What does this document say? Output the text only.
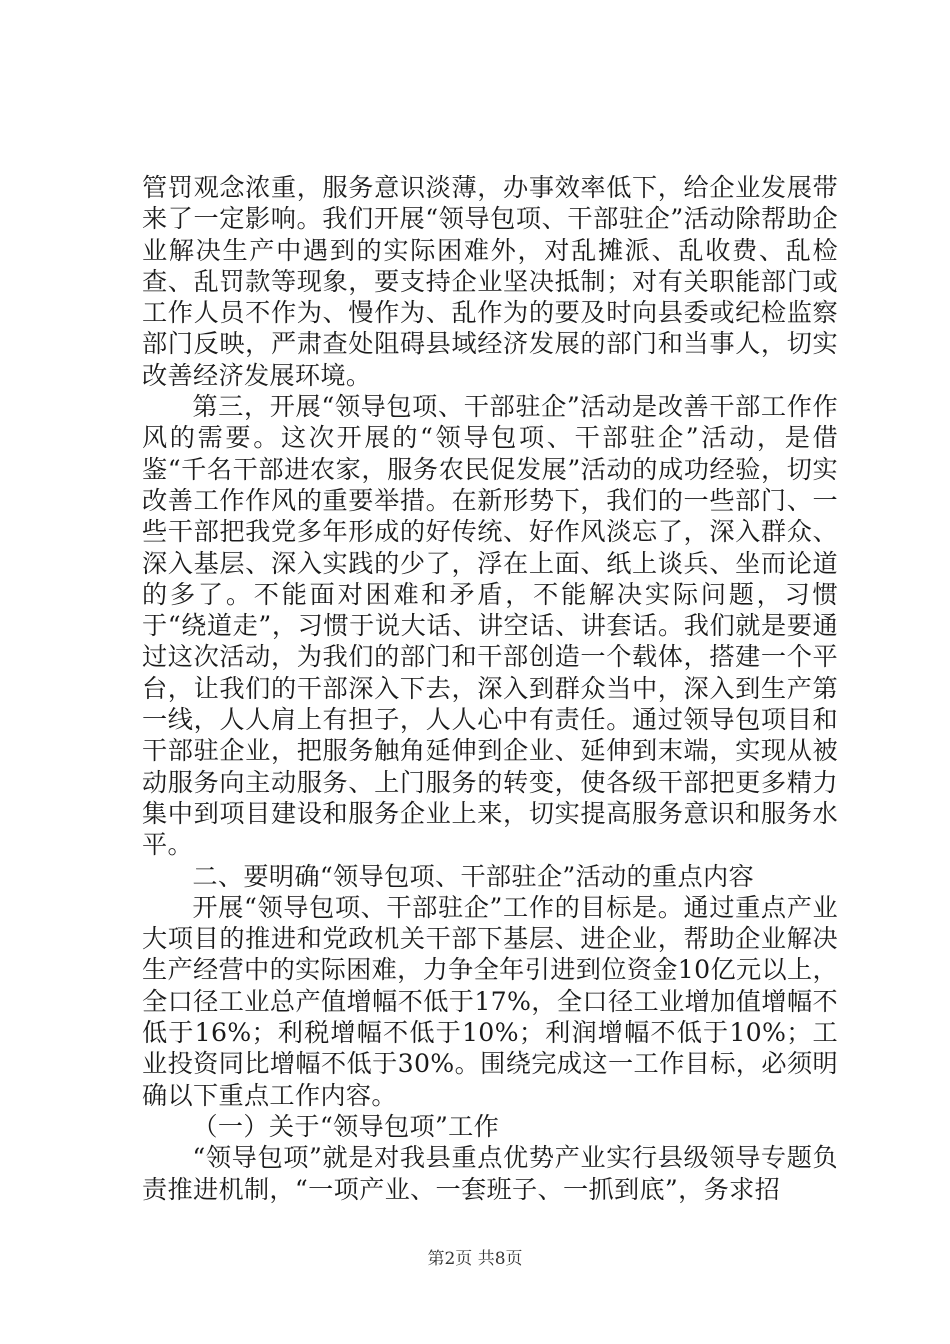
管罚观念浓重，服务意识淡薄，办事效率低下，给企业发展带来了一定影响。我们开展“领导包项、干部驻企”活动除帮助企业解决生产中遇到的实际困难外，对乱摊派、乱收费、乱检查、乱罚款等现象，要支持企业坚决抵制；对有关职能部门或工作人员不作为、慢作为、乱作为的要及时向县委或纪检监察部门反映，严肃查处阻碍县域经济发展的部门和当事人，切实改善经济发展环境。

第三，开展“领导包项、干部驻企”活动是改善干部工作作风的需要。这次开展的“领导包项、干部驻企”活动，是借鉴“千名干部进农家，服务农民促发展”活动的成功经验，切实改善工作作风的重要举措。在新形势下，我们的一些部门、一些干部把我党多年形成的好传统、好作风淡忘了，深入群众、深入基层、深入实践的少了，浮在上面、纸上谈兵、坐而论道的多了。不能面对困难和矛盾，不能解决实际问题，习惯于“绕道走”，习惯于说大话、讲空话、讲套话。我们就是要通过这次活动，为我们的部门和干部创造一个载体，搭建一个平台，让我们的干部深入下去，深入到群众当中，深入到生产第一线，人人肩上有担子，人人心中有责任。通过领导包项目和干部驻企业，把服务触角延伸到企业、延伸到末端，实现从被动服务向主动服务、上门服务的转变，使各级干部把更多精力集中到项目建设和服务企业上来，切实提高服务意识和服务水平。

二、要明确“领导包项、干部驻企”活动的重点内容

开展“领导包项、干部驻企”工作的目标是。通过重点产业大项目的推进和党政机关干部下基层、进企业，帮助企业解决生产经营中的实际困难，力争全年引进到位资金10亿元以上，全口径工业总产值增幅不低于17%，全口径工业增加值增幅不低于16%；利税增幅不低于10%；利润增幅不低于10%；工业投资同比增幅不低于30%。围绕完成这一工作目标，必须明确以下重点工作内容。

（一）关于“领导包项”工作

“领导包项”就是对我县重点优势产业实行县级领导专题负责推进机制，“一项产业、一套班子、一抓到底”，务求招

第2页 共8页
